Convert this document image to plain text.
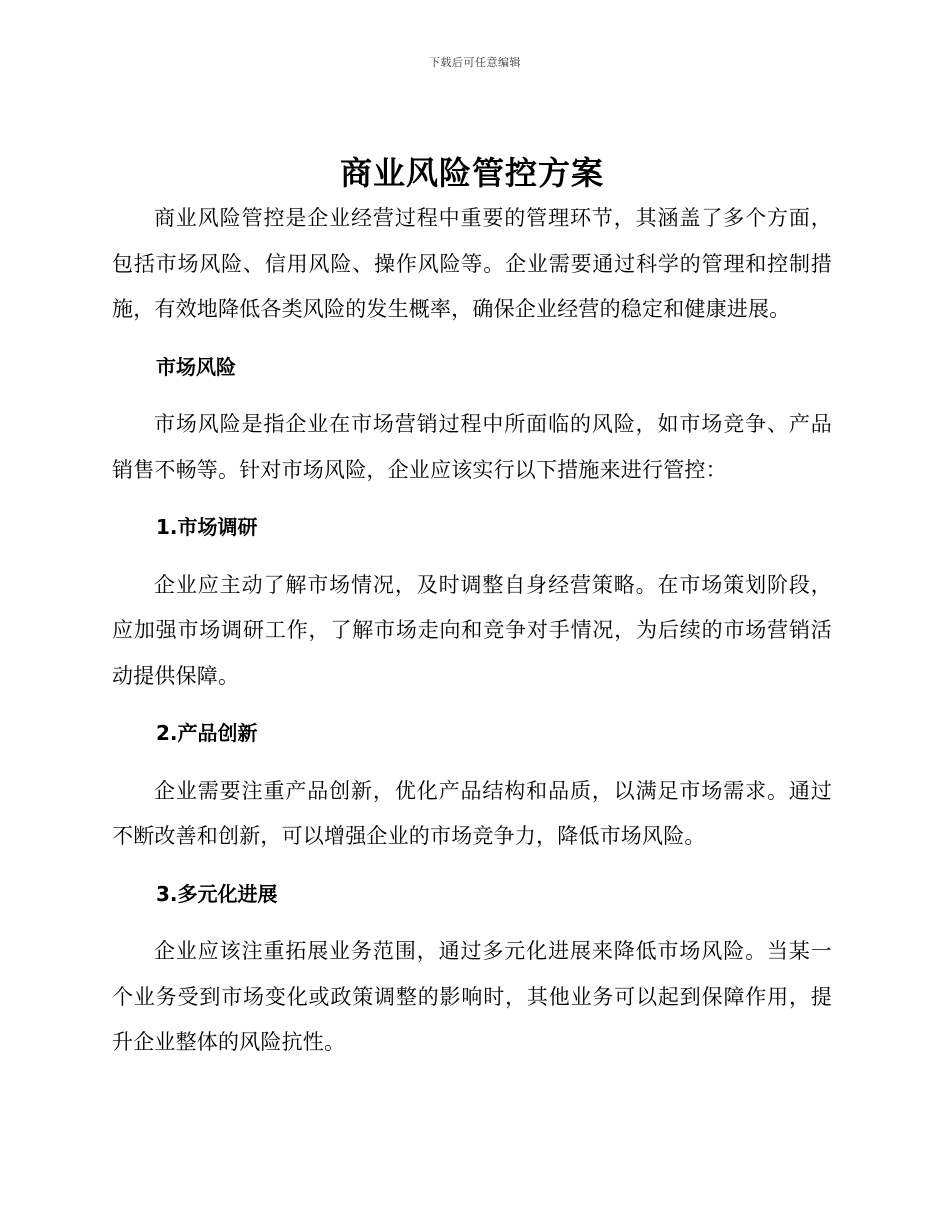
下载后可任意编辑
商业风险管控方案

商业风险管控是企业经营过程中重要的管理环节，其涵盖了多个方面，包括市场风险、信用风险、操作风险等。企业需要通过科学的管理和控制措施，有效地降低各类风险的发生概率，确保企业经营的稳定和健康进展。

市场风险

市场风险是指企业在市场营销过程中所面临的风险，如市场竞争、产品销售不畅等。针对市场风险，企业应该实行以下措施来进行管控：

1.市场调研

企业应主动了解市场情况，及时调整自身经营策略。在市场策划阶段，应加强市场调研工作，了解市场走向和竞争对手情况，为后续的市场营销活动提供保障。

2.产品创新

企业需要注重产品创新，优化产品结构和品质，以满足市场需求。通过不断改善和创新，可以增强企业的市场竞争力，降低市场风险。

3.多元化进展

企业应该注重拓展业务范围，通过多元化进展来降低市场风险。当某一个业务受到市场变化或政策调整的影响时，其他业务可以起到保障作用，提升企业整体的风险抗性。
